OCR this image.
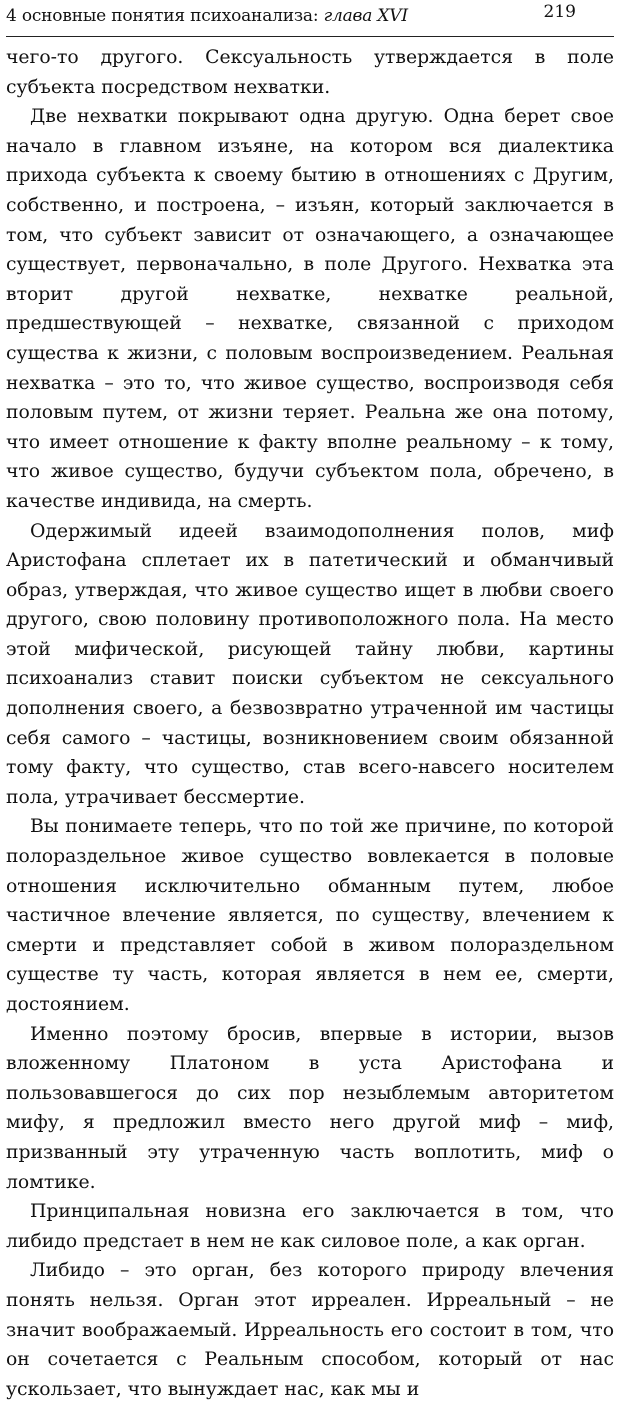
4 основные понятия психоанализа: глава XVI	219

чего-то другого. Сексуальность утверждается в поле субъекта посредством нехватки.

Две нехватки покрывают одна другую. Одна берет свое начало в главном изъяне, на котором вся диалектика прихода субъекта к своему бытию в отношениях с Другим, собственно, и построена, – изъян, который заключается в том, что субъект зависит от означающего, а означающее существует, первоначально, в поле Другого. Нехватка эта вторит другой нехватке, нехватке реальной, предшествующей – нехватке, связанной с приходом существа к жизни, с половым воспроизведением. Реальная нехватка – это то, что живое существо, воспроизводя себя половым путем, от жизни теряет. Реальна же она потому, что имеет отношение к факту вполне реальному – к тому, что живое существо, будучи субъектом пола, обречено, в качестве индивида, на смерть.

Одержимый идеей взаимодополнения полов, миф Аристофана сплетает их в патетический и обманчивый образ, утверждая, что живое существо ищет в любви своего другого, свою половину противоположного пола. На место этой мифической, рисующей тайну любви, картины психоанализ ставит поиски субъектом не сексуального дополнения своего, а безвозвратно утраченной им частицы себя самого – частицы, возникновением своим обязанной тому факту, что существо, став всего-навсего носителем пола, утрачивает бессмертие.

Вы понимаете теперь, что по той же причине, по которой полораздельное живое существо вовлекается в половые отношения исключительно обманным путем, любое частичное влечение является, по существу, влечением к смерти и представляет собой в живом полораздельном существе ту часть, которая является в нем ее, смерти, достоянием.

Именно поэтому бросив, впервые в истории, вызов вложенному Платоном в уста Аристофана и пользовавшегося до сих пор незыблемым авторитетом мифу, я предложил вместо него другой миф – миф, призванный эту утраченную часть воплотить, миф о ломтике.

Принципальная новизна его заключается в том, что либидо предстает в нем не как силовое поле, а как орган.

Либидо – это орган, без которого природу влечения понять нельзя. Орган этот ирреален. Ирреальный – не значит воображаемый. Ирреальность его состоит в том, что он сочетается с Реальным способом, который от нас ускользает, что вынуждает нас, как мы и
